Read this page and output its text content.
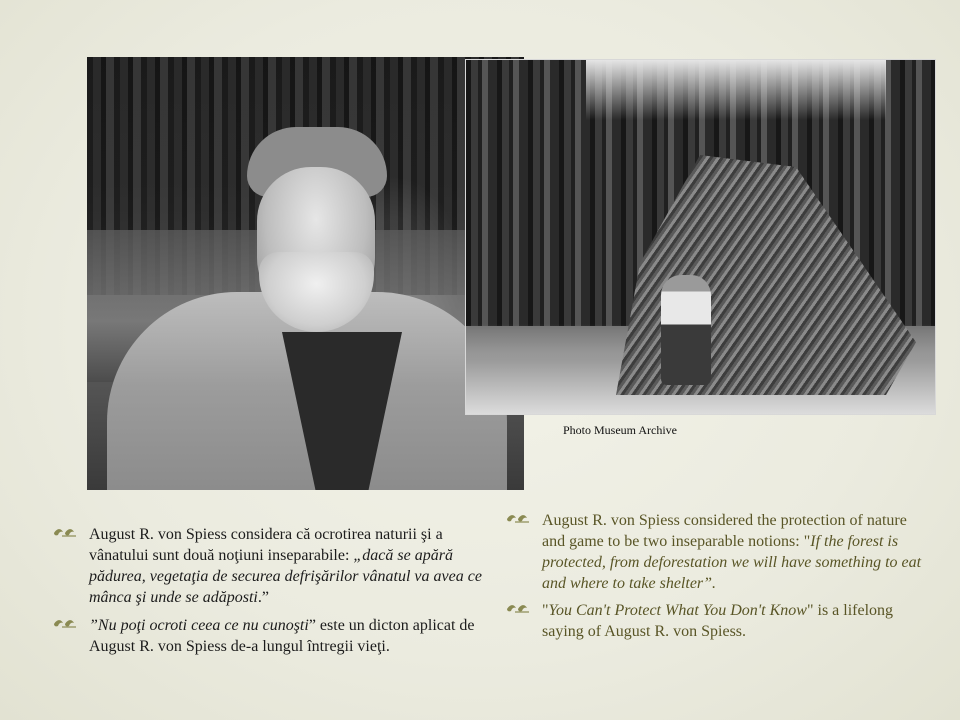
Photo Museum Archive
August R. von Spiess considera că ocrotirea naturii şi a vânatului sunt două noţiuni inseparabile: „dacă se apără pădurea, vegetaţia de securea defrişărilor vânatul va avea ce mânca şi unde se adăposti.”
”Nu poţi ocroti ceea ce nu cunoşti” este un dicton aplicat de August R. von Spiess de-a lungul întregii vieţi.
August R. von Spiess considered the protection of nature and game to be two inseparable notions: "If the forest is protected, from deforestation we will have something to eat and where to take shelter”.
"You Can't Protect What You Don't Know" is a lifelong saying of August R. von Spiess.
